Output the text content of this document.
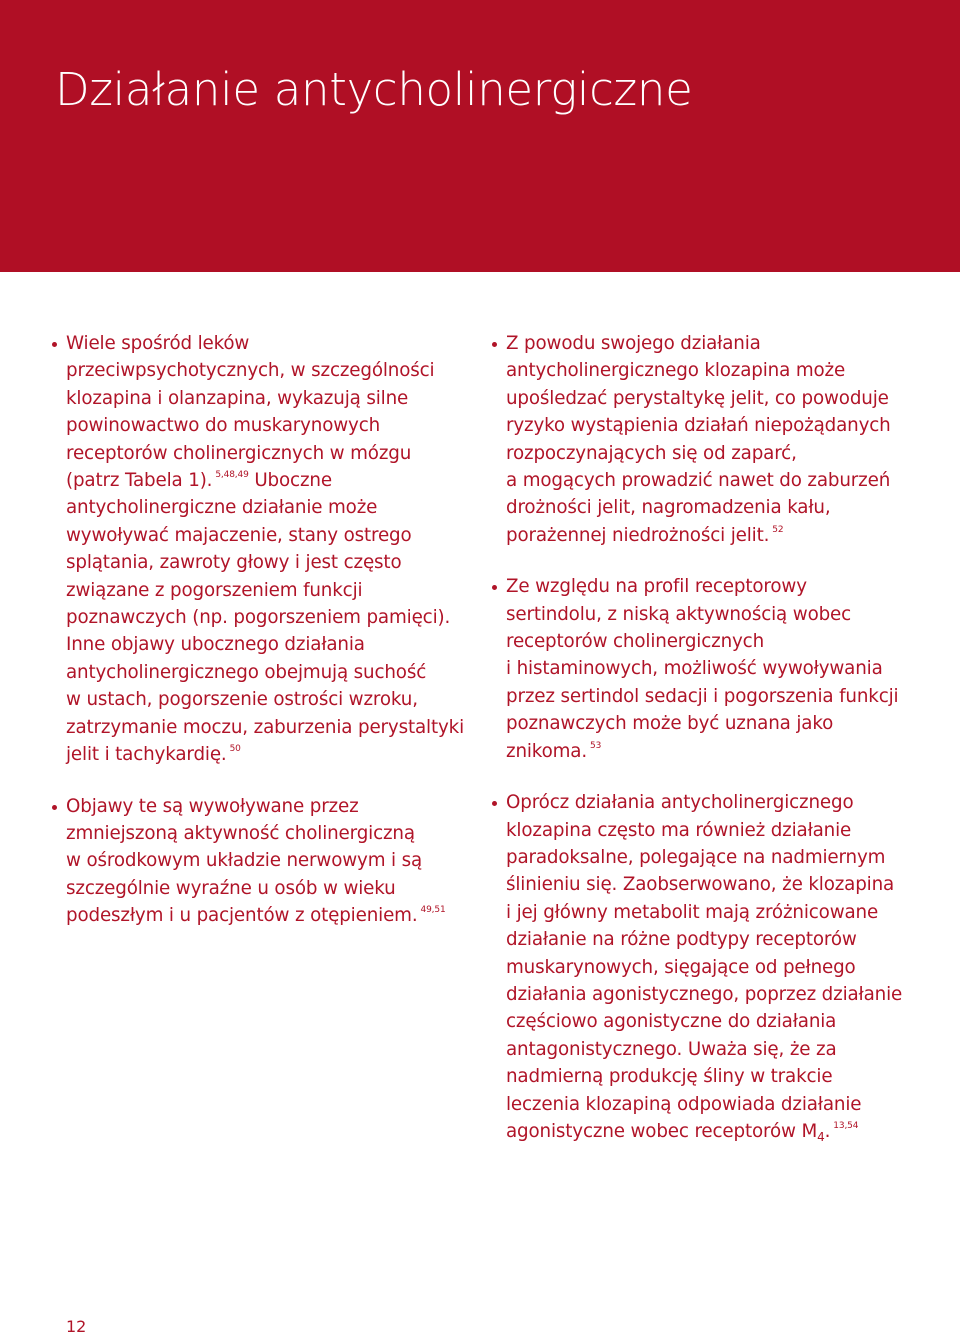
Działanie antycholinergiczne
Wiele spośród leków
przeciwpsychotycznych, w szczególności
klozapina i olanzapina, wykazują silne
powinowactwo do muskarynowych
receptorów cholinergicznych w mózgu
(patrz Tabela 1). $^{5,48,49}$ Uboczne
antycholinergiczne działanie może
wywoływać majaczenie, stany ostrego
splątania, zawroty głowy i jest często
związane z pogorszeniem funkcji
poznawczych (np. pogorszeniem pamięci).
Inne objawy ubocznego działania
antycholinergicznego obejmują suchość
w ustach, pogorszenie ostrości wzroku,
zatrzymanie moczu, zaburzenia perystaltyki
jelit i tachykardię. $^{50}$
Objawy te są wywoływane przez
zmniejszoną aktywność cholinergiczną
w ośrodkowym układzie nerwowym i są
szczególnie wyraźne u osób w wieku
podeszłym i u pacjentów z otępieniem. $^{49,51}$
Z powodu swojego działania
antycholinergicznego klozapina może
upośledzać perystaltykę jelit, co powoduje
ryzyko wystąpienia działań niepożądanych
rozpoczynających się od zaparć,
a mogących prowadzić nawet do zaburzeń
drożności jelit, nagromadzenia kału,
porażennej niedrożności jelit. $^{52}$
Ze względu na profil receptorowy
sertindolu, z niską aktywnością wobec
receptorów cholinergicznych
i histaminowych, możliwość wywoływania
przez sertindol sedacji i pogorszenia funkcji
poznawczych może być uznana jako
znikoma. $^{53}$
Oprócz działania antycholinergicznego
klozapina często ma również działanie
paradoksalne, polegające na nadmiernym
ślinieniu się. Zaobserwowano, że klozapina
i jej główny metabolit mają zróżnicowane
działanie na różne podtypy receptorów
muskarynowych, sięgające od pełnego
działania agonistycznego, poprzez działanie
częściowo agonistyczne do działania
antagonistycznego. Uważa się, że za
nadmierną produkcję śliny w trakcie
leczenia klozapiną odpowiada działanie
agonistyczne wobec receptorów $M_4$. $^{13,54}$
12
